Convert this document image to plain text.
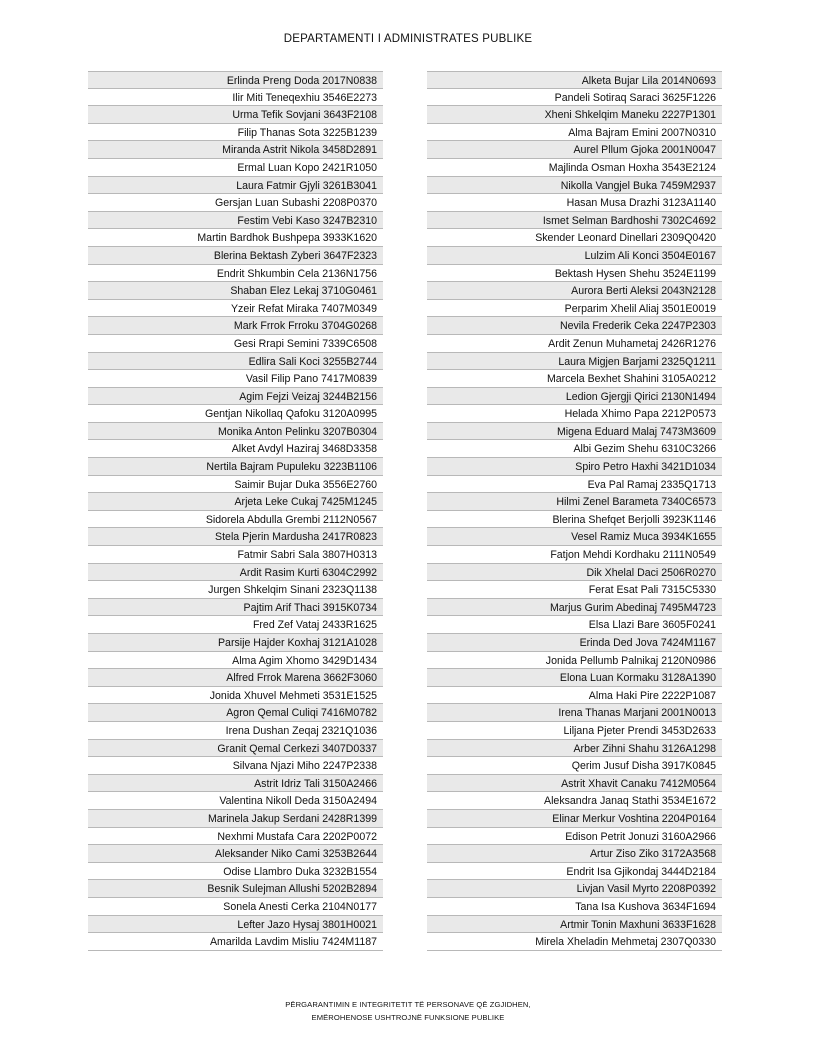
DEPARTAMENTI I ADMINISTRATES PUBLIKE
Erlinda Preng Doda 2017N0838
Ilir Miti Teneqexhiu 3546E2273
Urma Tefik Sovjani 3643F2108
Filip Thanas Sota 3225B1239
Miranda Astrit Nikola 3458D2891
Ermal Luan Kopo 2421R1050
Laura Fatmir Gjyli 3261B3041
Gersjan Luan Subashi 2208P0370
Festim Vebi Kaso 3247B2310
Martin Bardhok Bushpepa 3933K1620
Blerina Bektash Zyberi 3647F2323
Endrit Shkumbin Cela 2136N1756
Shaban Elez Lekaj 3710G0461
Yzeir Refat Miraka 7407M0349
Mark Frrok Frroku 3704G0268
Gesi Rrapi Semini 7339C6508
Edlira Sali Koci 3255B2744
Vasil Filip Pano 7417M0839
Agim Fejzi Veizaj 3244B2156
Gentjan Nikollaq Qafoku 3120A0995
Monika Anton Pelinku 3207B0304
Alket Avdyl Haziraj 3468D3358
Nertila Bajram Pupuleku 3223B1106
Saimir Bujar Duka 3556E2760
Arjeta Leke Cukaj 7425M1245
Sidorela Abdulla Grembi 2112N0567
Stela Pjerin Mardusha 2417R0823
Fatmir Sabri Sala 3807H0313
Ardit Rasim Kurti 6304C2992
Jurgen Shkelqim Sinani 2323Q1138
Pajtim Arif Thaci 3915K0734
Fred Zef Vataj 2433R1625
Parsije Hajder Koxhaj 3121A1028
Alma Agim Xhomo 3429D1434
Alfred Frrok Marena 3662F3060
Jonida Xhuvel Mehmeti 3531E1525
Agron Qemal Culiqi 7416M0782
Irena Dushan Zeqaj 2321Q1036
Granit Qemal Cerkezi 3407D0337
Silvana Njazi Miho 2247P2338
Astrit Idriz Tali 3150A2466
Valentina Nikoll Deda 3150A2494
Marinela Jakup Serdani 2428R1399
Nexhmi Mustafa Cara 2202P0072
Aleksander Niko Cami 3253B2644
Odise Llambro Duka 3232B1554
Besnik Sulejman Allushi 5202B2894
Sonela Anesti Cerka 2104N0177
Lefter Jazo Hysaj 3801H0021
Amarilda Lavdim Misliu 7424M1187
Alketa Bujar Lila 2014N0693
Pandeli Sotiraq Saraci 3625F1226
Xheni Shkelqim Maneku 2227P1301
Alma Bajram Emini 2007N0310
Aurel Pllum Gjoka 2001N0047
Majlinda Osman Hoxha 3543E2124
Nikolla Vangjel Buka 7459M2937
Hasan Musa Drazhi 3123A1140
Ismet Selman Bardhoshi 7302C4692
Skender Leonard Dinellari 2309Q0420
Lulzim Ali Konci 3504E0167
Bektash Hysen Shehu 3524E1199
Aurora Berti Aleksi 2043N2128
Perparim Xhelil Aliaj 3501E0019
Nevila Frederik Ceka 2247P2303
Ardit Zenun Muhametaj 2426R1276
Laura Migjen Barjami 2325Q1211
Marcela Bexhet Shahini 3105A0212
Ledion Gjergji Qirici 2130N1494
Helada Xhimo Papa 2212P0573
Migena Eduard Malaj 7473M3609
Albi Gezim Shehu 6310C3266
Spiro Petro Haxhi 3421D1034
Eva Pal Ramaj 2335Q1713
Hilmi Zenel Barameta 7340C6573
Blerina Shefqet Berjolli 3923K1146
Vesel Ramiz Muca 3934K1655
Fatjon Mehdi Kordhaku 2111N0549
Dik Xhelal Daci 2506R0270
Ferat Esat Pali 7315C5330
Marjus Gurim Abedinaj 7495M4723
Elsa Llazi Bare 3605F0241
Erinda Ded Jova 7424M1167
Jonida Pellumb Palnikaj 2120N0986
Elona Luan Kormaku 3128A1390
Alma Haki Pire 2222P1087
Irena Thanas Marjani 2001N0013
Liljana Pjeter Prendi 3453D2633
Arber Zihni Shahu 3126A1298
Qerim Jusuf Disha 3917K0845
Astrit Xhavit Canaku 7412M0564
Aleksandra Janaq Stathi 3534E1672
Elinar Merkur Voshtina 2204P0164
Edison Petrit Jonuzi 3160A2966
Artur Ziso Ziko 3172A3568
Endrit Isa Gjikondaj 3444D2184
Livjan Vasil Myrto 2208P0392
Tana Isa Kushova 3634F1694
Artmir Tonin Maxhuni 3633F1628
Mirela Xheladin Mehmetaj 2307Q0330
PËRGARANTIMIN E INTEGRITETIT TË PERSONAVE QË ZGJIDHEN,
EMËROHENOSE USHTROJNË FUNKSIONE PUBLIKE
